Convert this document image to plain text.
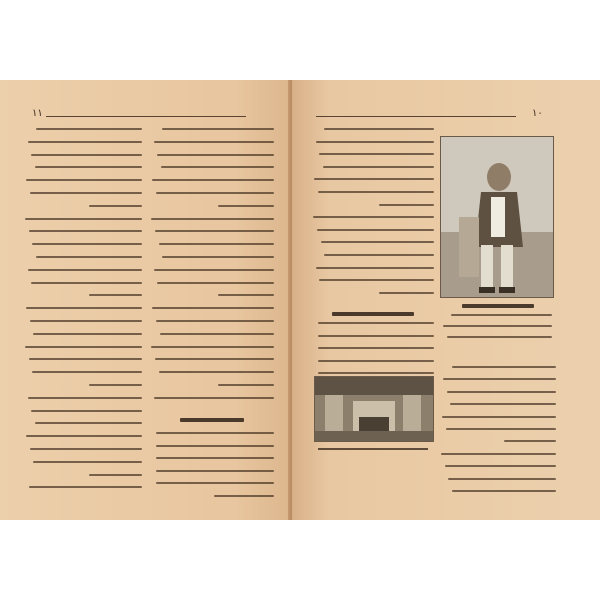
١١	١٠
